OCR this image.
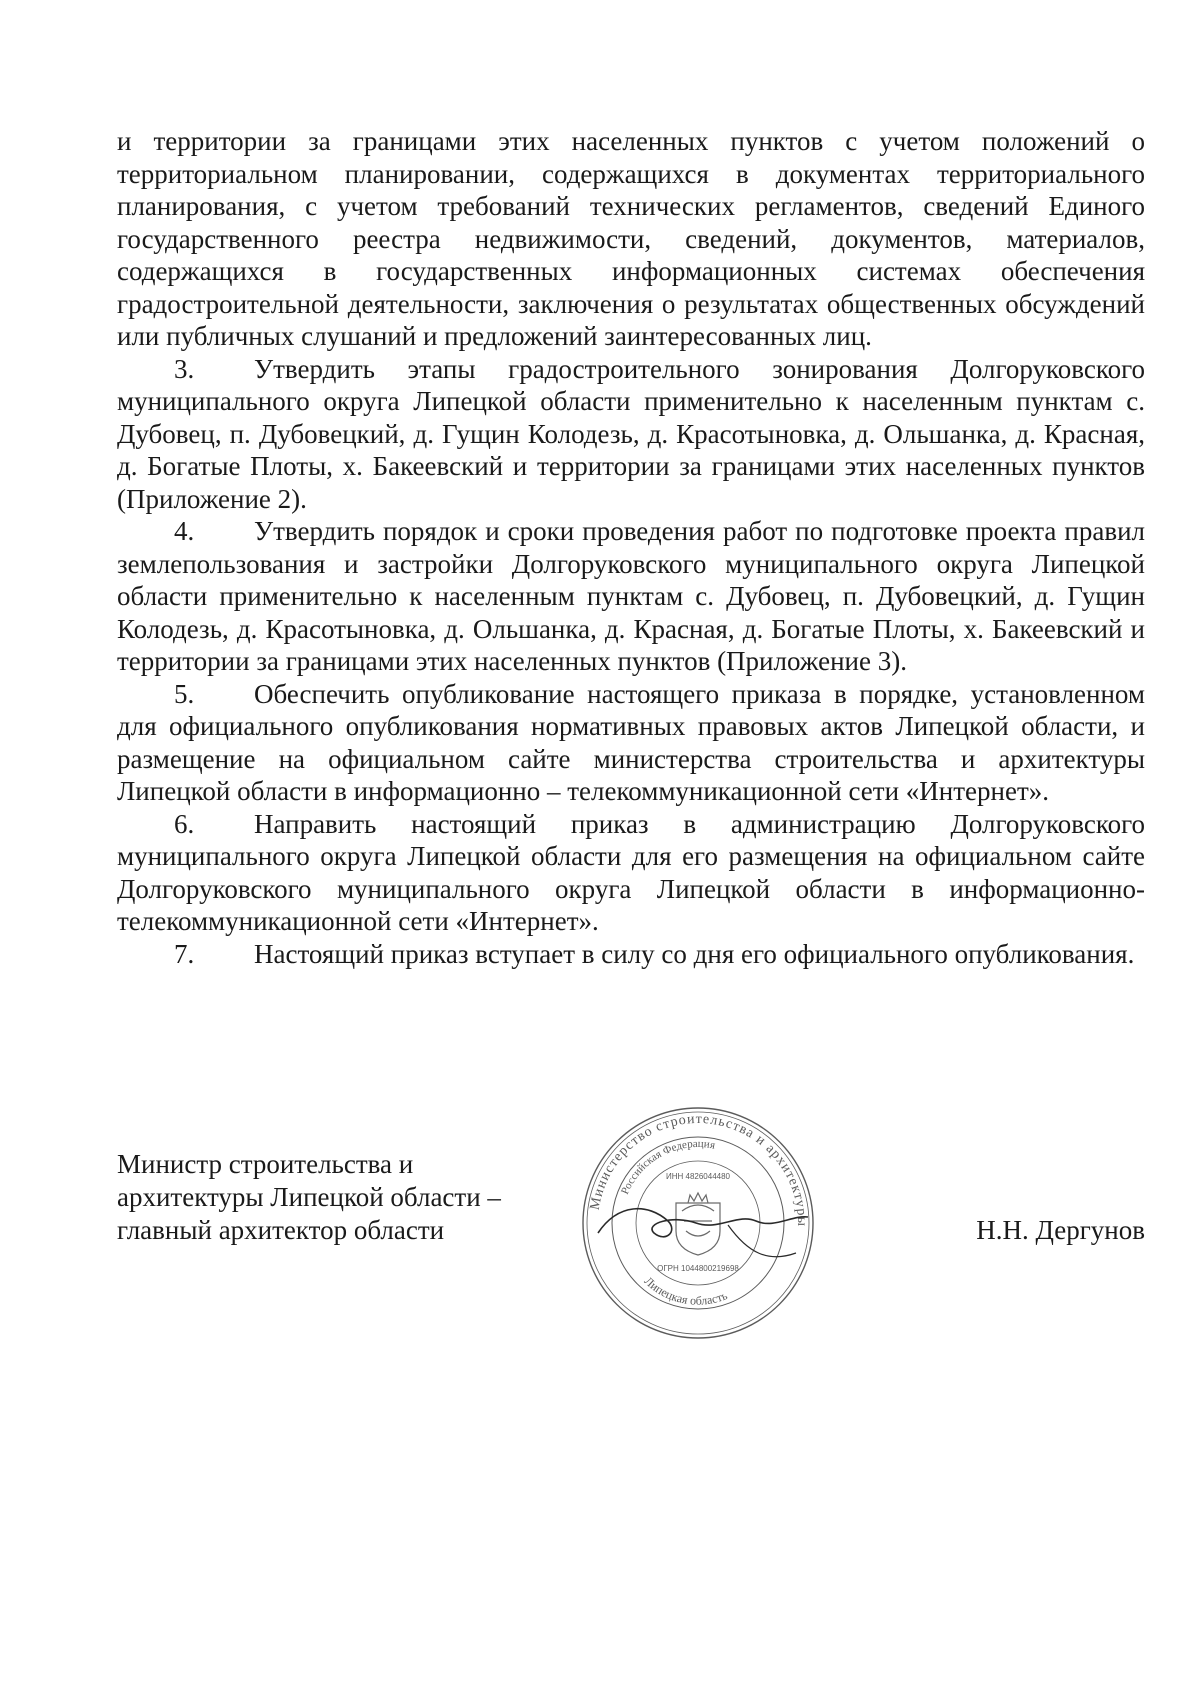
и территории за границами этих населенных пунктов с учетом положений о территориальном планировании, содержащихся в документах территориального планирования, с учетом требований технических регламентов, сведений Единого государственного реестра недвижимости, сведений, документов, материалов, содержащихся в государственных информационных системах обеспечения градостроительной деятельности, заключения о результатах общественных обсуждений или публичных слушаний и предложений заинтересованных лиц.

3. Утвердить этапы градостроительного зонирования Долгоруковского муниципального округа Липецкой области применительно к населенным пунктам с. Дубовец, п. Дубовецкий, д. Гущин Колодезь, д. Красотыновка, д. Ольшанка, д. Красная, д. Богатые Плоты, х. Бакеевский и территории за границами этих населенных пунктов (Приложение 2).

4. Утвердить порядок и сроки проведения работ по подготовке проекта правил землепользования и застройки Долгоруковского муниципального округа Липецкой области применительно к населенным пунктам с. Дубовец, п. Дубовецкий, д. Гущин Колодезь, д. Красотыновка, д. Ольшанка, д. Красная, д. Богатые Плоты, х. Бакеевский и территории за границами этих населенных пунктов (Приложение 3).

5. Обеспечить опубликование настоящего приказа в порядке, установленном для официального опубликования нормативных правовых актов Липецкой области, и размещение на официальном сайте министерства строительства и архитектуры Липецкой области в информационно – телекоммуникационной сети «Интернет».

6. Направить настоящий приказ в администрацию Долгоруковского муниципального округа Липецкой области для его размещения на официальном сайте Долгоруковского муниципального округа Липецкой области в информационно-телекоммуникационной сети «Интернет».

7. Настоящий приказ вступает в силу со дня его официального опубликования.

Министр строительства и
архитектуры Липецкой области –
главный архитектор области
Министерство строительства и архитектуры
Российская Федерация
Липецкая область
ИНН 4826044480
ОГРН 1044800219698
Н.Н. Дергунов
